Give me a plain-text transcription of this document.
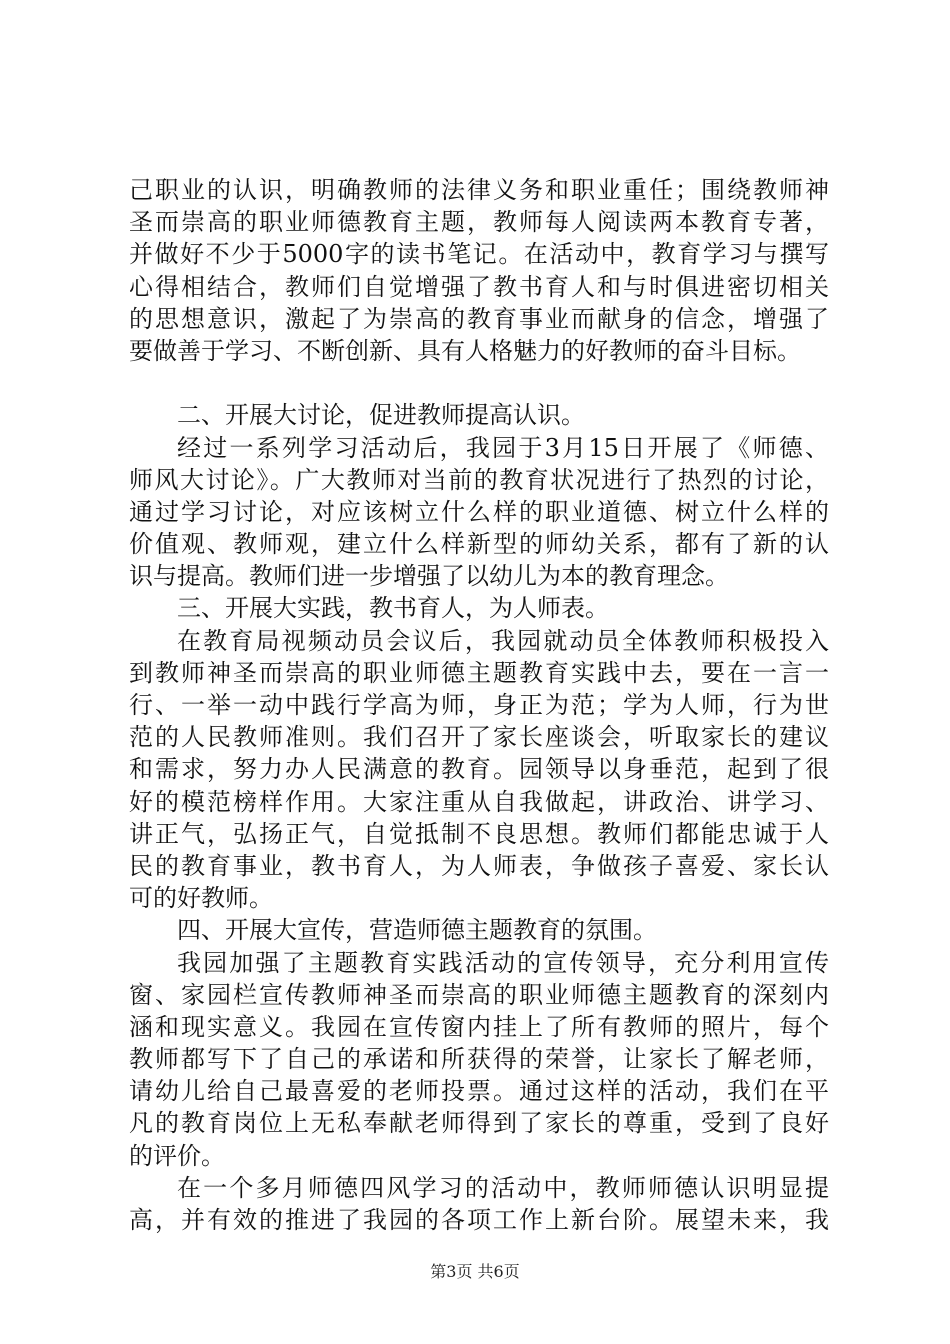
己职业的认识，明确教师的法律义务和职业重任；围绕教师神
圣而崇高的职业师德教育主题，教师每人阅读两本教育专著，
并做好不少于5000字的读书笔记。在活动中，教育学习与撰写
心得相结合，教师们自觉增强了教书育人和与时俱进密切相关
的思想意识，激起了为崇高的教育事业而献身的信念，增强了
要做善于学习、不断创新、具有人格魅力的好教师的奋斗目标。
二、开展大讨论，促进教师提高认识。
经过一系列学习活动后，我园于3月15日开展了《师德、
师风大讨论》。广大教师对当前的教育状况进行了热烈的讨论，
通过学习讨论，对应该树立什么样的职业道德、树立什么样的
价值观、教师观，建立什么样新型的师幼关系，都有了新的认
识与提高。教师们进一步增强了以幼儿为本的教育理念。
三、开展大实践，教书育人，为人师表。
在教育局视频动员会议后，我园就动员全体教师积极投入
到教师神圣而崇高的职业师德主题教育实践中去，要在一言一
行、一举一动中践行学高为师，身正为范；学为人师，行为世
范的人民教师准则。我们召开了家长座谈会，听取家长的建议
和需求，努力办人民满意的教育。园领导以身垂范，起到了很
好的模范榜样作用。大家注重从自我做起，讲政治、讲学习、
讲正气，弘扬正气，自觉抵制不良思想。教师们都能忠诚于人
民的教育事业，教书育人，为人师表，争做孩子喜爱、家长认
可的好教师。
四、开展大宣传，营造师德主题教育的氛围。
我园加强了主题教育实践活动的宣传领导，充分利用宣传
窗、家园栏宣传教师神圣而崇高的职业师德主题教育的深刻内
涵和现实意义。我园在宣传窗内挂上了所有教师的照片，每个
教师都写下了自己的承诺和所获得的荣誉，让家长了解老师，
请幼儿给自己最喜爱的老师投票。通过这样的活动，我们在平
凡的教育岗位上无私奉献老师得到了家长的尊重，受到了良好
的评价。
在一个多月师德四风学习的活动中，教师师德认识明显提
高，并有效的推进了我园的各项工作上新台阶。展望未来，我
第3页 共6页
